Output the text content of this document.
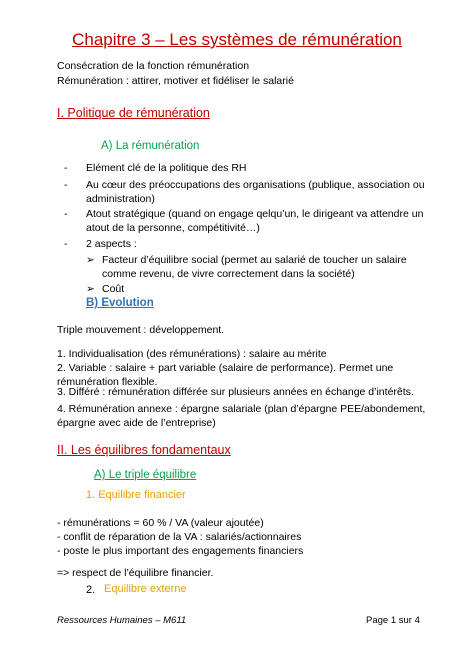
Chapitre 3 – Les systèmes de rémunération
Consécration de la fonction rémunération
Rémunération : attirer, motiver et fidéliser le salarié
I. Politique de rémunération
A) La rémunération
- Elément clé de la politique des RH
- Au cœur des préoccupations des organisations (publique, association ou
administration)
- Atout stratégique (quand on engage qelqu’un, le dirigeant va attendre un
atout de la personne, compétitivité…)
- 2 aspects :
➢ Facteur d’équilibre social (permet au salarié de toucher un salaire
comme revenu, de vivre correctement dans la société)
➢ Coût
B) Evolution
Triple mouvement : développement.
1. Individualisation (des rémunérations) : salaire au mérite
2. Variable : salaire + part variable (salaire de performance). Permet une
rémunération flexible.
3. Différé : rémunération différée sur plusieurs années en échange d’intérêts.
4. Rémunération annexe : épargne salariale (plan d’épargne PEE/abondement,
épargne avec aide de l’entreprise)
II. Les équilibres fondamentaux
A) Le triple équilibre
1. Equilibre financier
- rémunérations = 60 % / VA (valeur ajoutée)
- conflit de réparation de la VA : salariés/actionnaires
- poste le plus important des engagements financiers
=> respect de l’équilibre financier.
2. Equilibre externe
Ressources Humaines – M611	Page 1 sur 4
